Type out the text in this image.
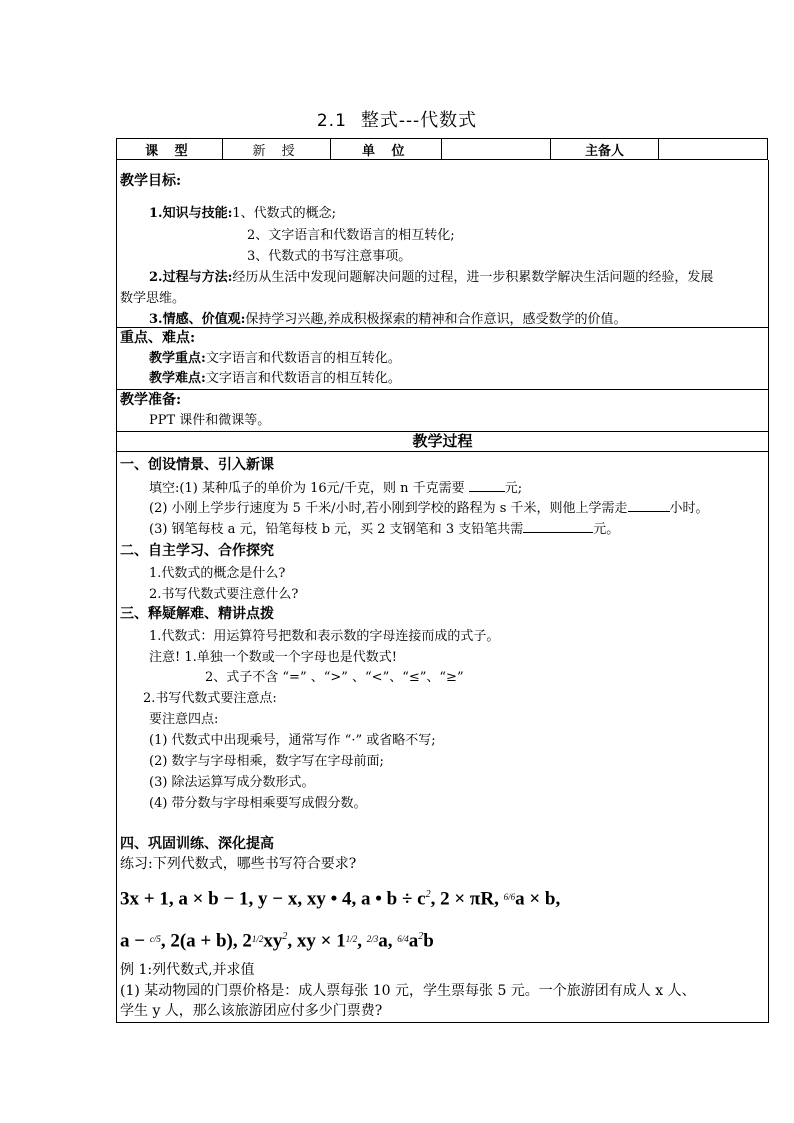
2.1 整式---代数式
课 型	新 授	单 位		主备人	
教学目标:
1.知识与技能:1、代数式的概念;
2、文字语言和代数语言的相互转化;
3、代数式的书写注意事项。
2.过程与方法:经历从生活中发现问题解决问题的过程，进一步积累数学解决生活问题的经验，发展
数学思维。
3.情感、价值观:保持学习兴趣,养成积极探索的精神和合作意识，感受数学的价值。
重点、难点:
教学重点:文字语言和代数语言的相互转化。
教学难点:文字语言和代数语言的相互转化。
教学准备:
PPT 课件和微课等。
教学过程
一、创设情景、引入新课
填空:(1) 某种瓜子的单价为 16元/千克，则 n 千克需要	元;
(2) 小刚上学步行速度为 5 千米/小时,若小刚到学校的路程为 s 千米，则他上学需走	小时。
(3) 钢笔每枝 a 元，铅笔每枝 b 元，买 2 支钢笔和 3 支铅笔共需	元。
二、自主学习、合作探究
1.代数式的概念是什么?
2.书写代数式要注意什么?
三、释疑解难、精讲点拨
1.代数式：用运算符号把数和表示数的字母连接而成的式子。
注意! 1.单独一个数或一个字母也是代数式!
2、式子不含 “=” 、“>” 、“<”、“≤”、“≥”
2.书写代数式要注意点:
要注意四点:
(1) 代数式中出现乘号，通常写作 “·” 或省略不写;
(2) 数字与字母相乘，数字写在字母前面;
(3) 除法运算写成分数形式。
(4) 带分数与字母相乘要写成假分数。
四、巩固训练、深化提高
练习:下列代数式，哪些书写符合要求?
3x + 1, a × b − 1, y − x, xy • 4, a • $b \div c^2$, 2 × πR, 6/6a × b,
a − c/5, 2(a + b), $21/2xy^2$, xy × 11/2, 2/3a, $6/4a^2b$
例 1:列代数式,并求值
(1) 某动物园的门票价格是：成人票每张 10 元，学生票每张 5 元。一个旅游团有成人 x 人、
学生 y 人，那么该旅游团应付多少门票费?
